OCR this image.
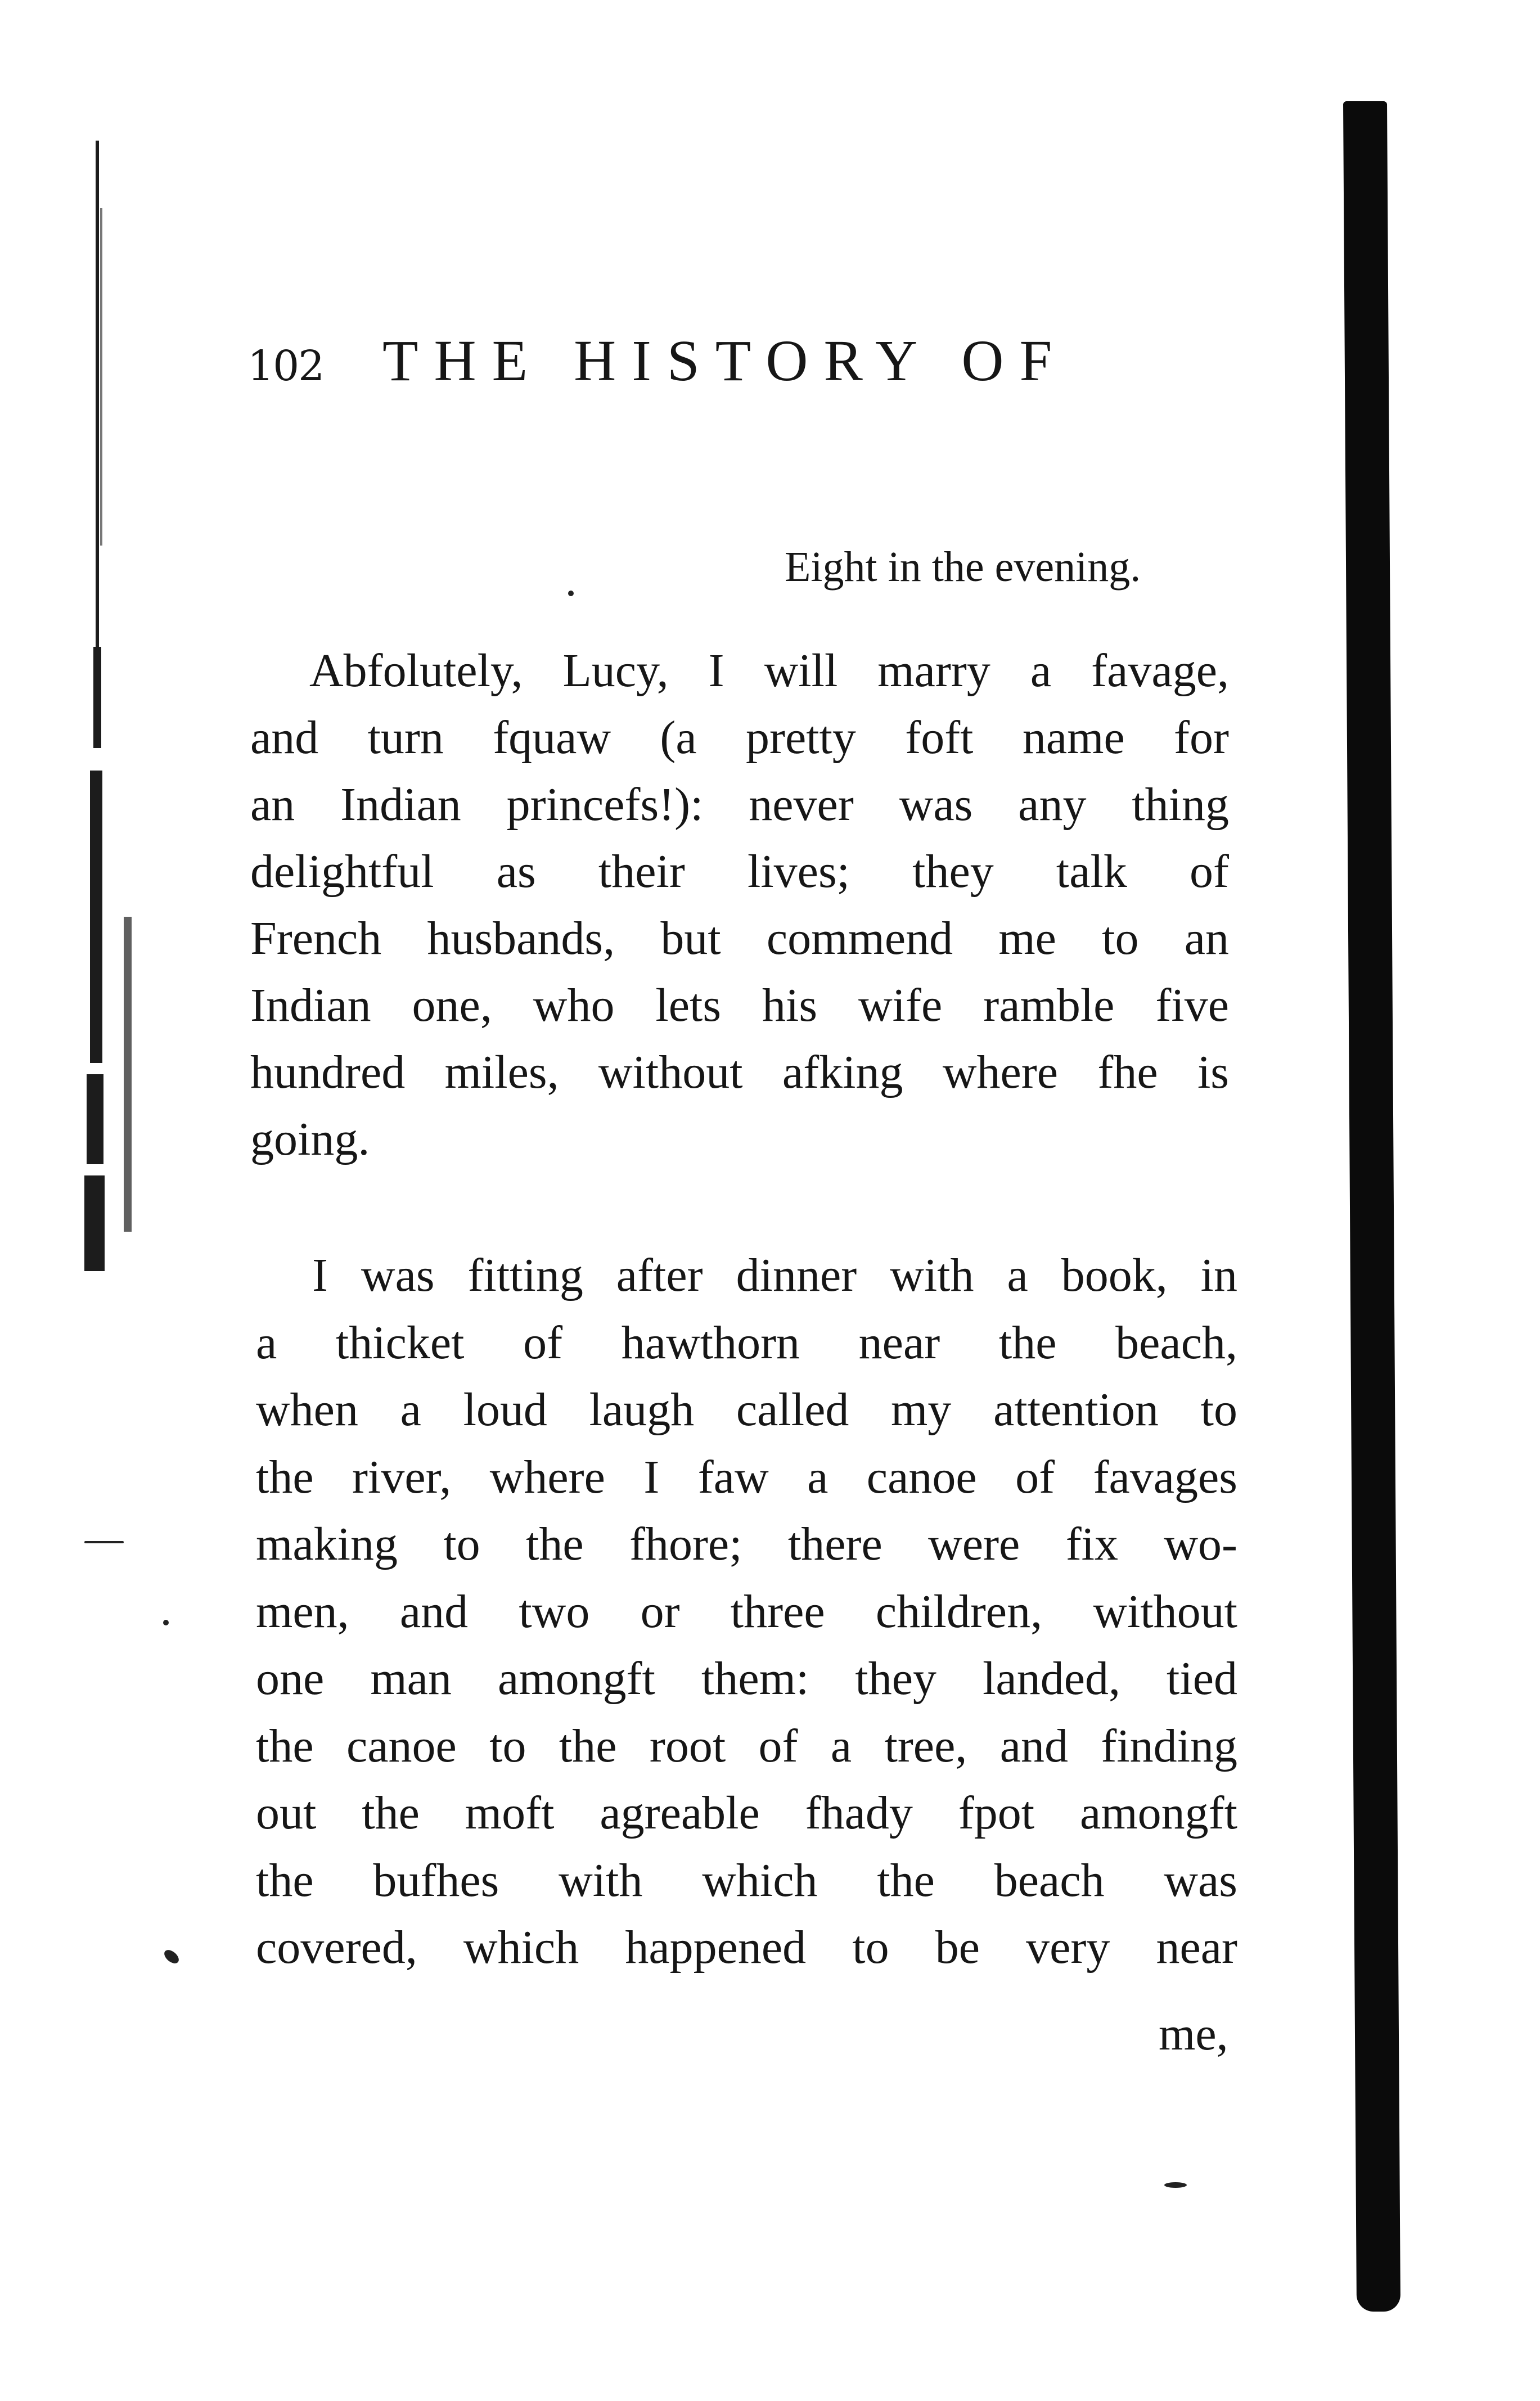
102 THE HISTORY OF
Eight in the evening.

Abfolutely, Lucy, I will marry a favage,
and turn fquaw (a pretty foft name for
an Indian princefs!): never was any thing
delightful as their lives; they talk of
French husbands, but commend me to an
Indian one, who lets his wife ramble five
hundred miles, without afking where fhe is
going.

I was fitting after dinner with a book, in
a thicket of hawthorn near the beach,
when a loud laugh called my attention to
the river, where I faw a canoe of favages
making to the fhore; there were fix wo-
men, and two or three children, without
one man amongft them: they landed, tied
the canoe to the root of a tree, and finding
out the moft agreable fhady fpot amongft
the bufhes with which the beach was
covered, which happened to be very near

me,
